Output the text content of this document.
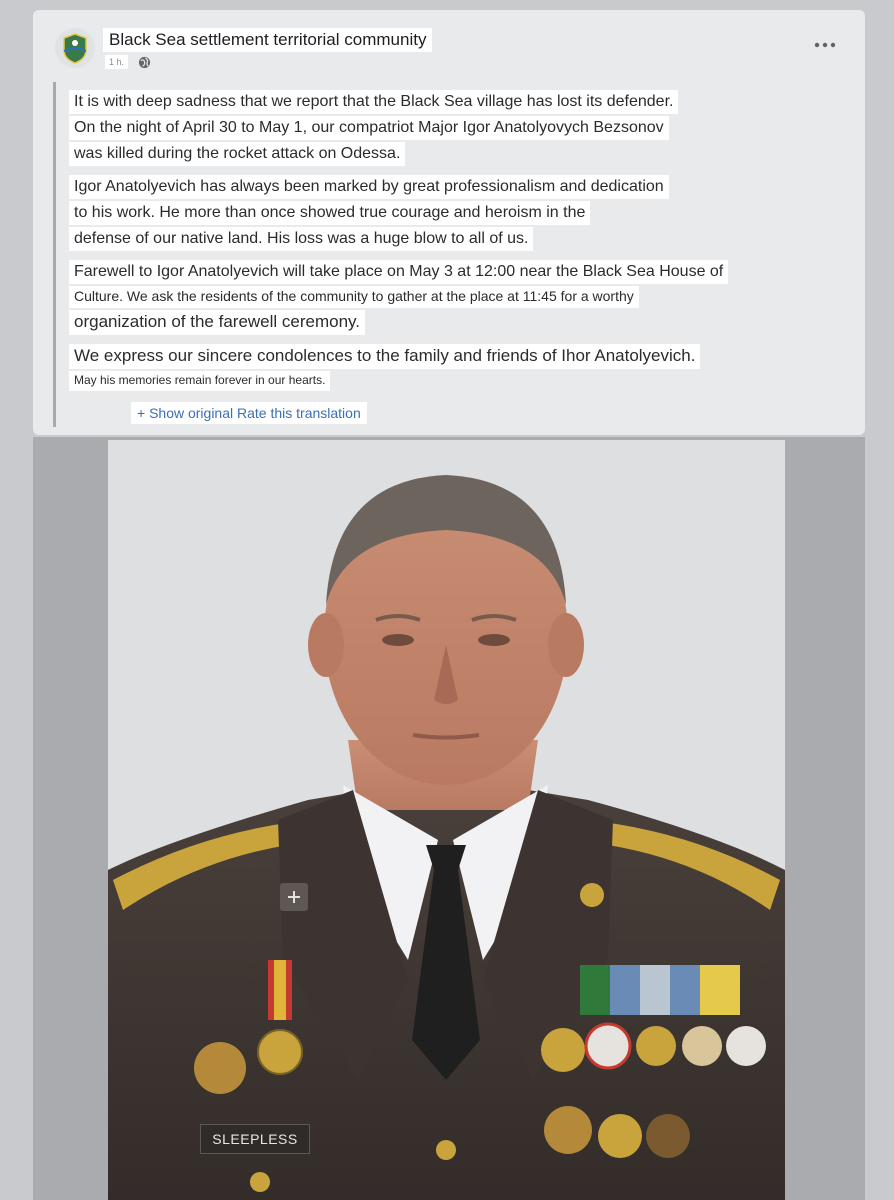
Black Sea settlement territorial community
1 h.
It is with deep sadness that we report that the Black Sea village has lost its defender.
On the night of April 30 to May 1, our compatriot Major Igor Anatolyovych Bezsonov
was killed during the rocket attack on Odessa.
Igor Anatolyevich has always been marked by great professionalism and dedication
to his work. He more than once showed true courage and heroism in the
defense of our native land. His loss was a huge blow to all of us.
Farewell to Igor Anatolyevich will take place on May 3 at 12:00 near the Black Sea House of
Culture. We ask the residents of the community to gather at the place at 11:45 for a worthy
organization of the farewell ceremony.
We express our sincere condolences to the family and friends of Ihor Anatolyevich.
May his memories remain forever in our hearts.
+ Show original Rate this translation
SLEEPLESS
